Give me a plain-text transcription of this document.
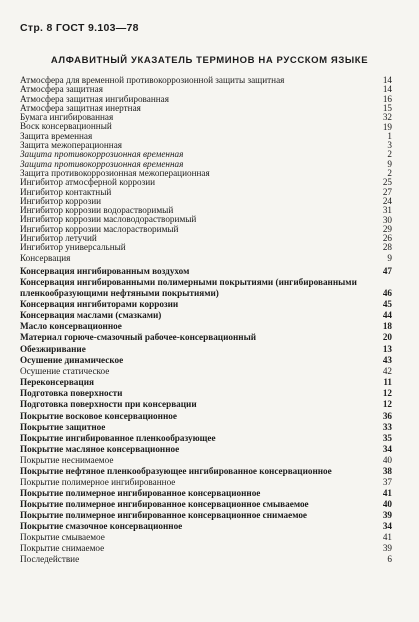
Стр. 8 ГОСТ 9.103—78
АЛФАВИТНЫЙ УКАЗАТЕЛЬ ТЕРМИНОВ НА РУССКОМ ЯЗЫКЕ
Атмосфера для временной противокоррозионной защиты защитная	14
Атмосфера защитная	14
Атмосфера защитная ингибированная	16
Атмосфера защитная инертная	15
Бумага ингибированная	32
Воск консервационный	19
Защита временная	1
Защита межоперационная	3
Защита противокоррозионная временная	2
Защита противокоррозионная временная	9
Защита противокоррозионная межоперационная	2
Ингибитор атмосферной коррозии	25
Ингибитор контактный	27
Ингибитор коррозии	24
Ингибитор коррозии водорастворимый	31
Ингибитор коррозии масловодорастворимый	30
Ингибитор коррозии маслорастворимый	29
Ингибитор летучий	26
Ингибитор универсальный	28
Консервация	9
Консервация ингибированным воздухом	47
Консервация ингибированными полимерными покрытиями (ингибированными
пленкообразующими нефтяными покрытиями)	46
Консервация ингибиторами коррозии	45
Консервация маслами (смазками)	44
Масло консервационное	18
Материал горюче-смазочный рабочее-консервационный	20
Обезжиривание	13
Осушение динамическое	43
Осушение статическое	42
Переконсервация	11
Подготовка поверхности	12
Подготовка поверхности при консервации	12
Покрытие восковое консервационное	36
Покрытие защитное	33
Покрытие ингибированное пленкообразующее	35
Покрытие масляное консервационное	34
Покрытие неснимаемое	40
Покрытие нефтяное пленкообразующее ингибированное консервационное	38
Покрытие полимерное ингибированное	37
Покрытие полимерное ингибированное консервационное	41
Покрытие полимерное ингибированное консервационное смываемое	40
Покрытие полимерное ингибированное консервационное снимаемое	39
Покрытие смазочное консервационное	34
Покрытие смываемое	41
Покрытие снимаемое	39
Последействие	6
